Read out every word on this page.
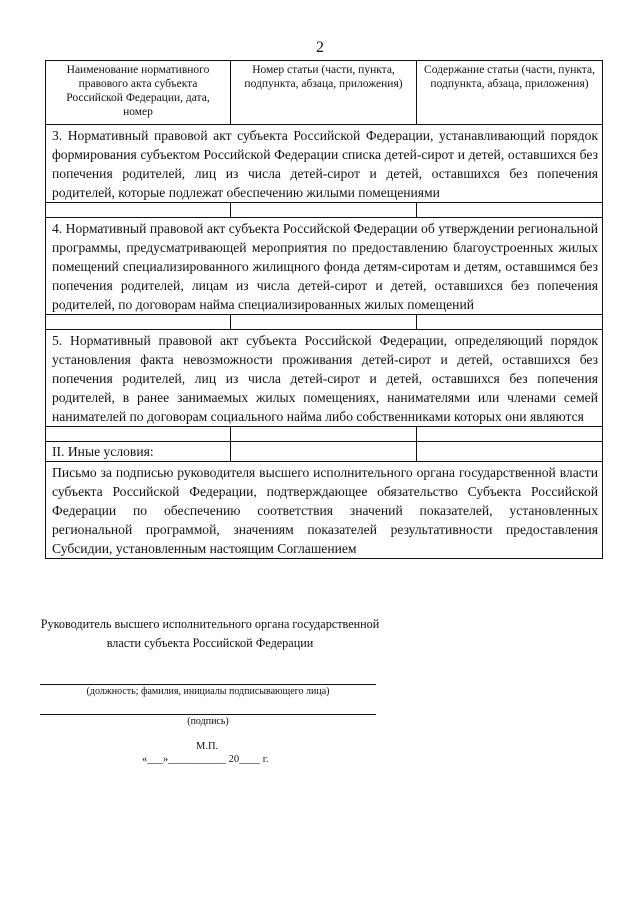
2
Наименование нормативного правового акта субъекта Российской Федерации, дата, номер	Номер статьи (части, пункта, подпункта, абзаца, приложения)	Содержание статьи (части, пункта, подпункта, абзаца, приложения)
3. Нормативный правовой акт субъекта Российской Федерации, устанавливающий порядок формирования субъектом Российской Федерации списка детей-сирот и детей, оставшихся без попечения родителей, лиц из числа детей-сирот и детей, оставшихся без попечения родителей, которые подлежат обеспечению жилыми помещениями		

4. Нормативный правовой акт субъекта Российской Федерации об утверждении региональной программы, предусматривающей мероприятия по предоставлению благоустроенных жилых помещений специализированного жилищного фонда детям-сиротам и детям, оставшимся без попечения родителей, лицам из числа детей-сирот и детей, оставшихся без попечения родителей, по договорам найма специализированных жилых помещений		

5. Нормативный правовой акт субъекта Российской Федерации, определяющий порядок установления факта невозможности проживания детей-сирот и детей, оставшихся без попечения родителей, лиц из числа детей-сирот и детей, оставшихся без попечения родителей, в ранее занимаемых жилых помещениях, нанимателями или членами семей нанимателей по договорам социального найма либо собственниками которых они являются		

II. Иные условия:		
Письмо за подписью руководителя высшего исполнительного органа государственной власти субъекта Российской Федерации, подтверждающее обязательство Субъекта Российской Федерации по обеспечению соответствия значений показателей, установленных региональной программой, значениям показателей результативности предоставления Субсидии, установленным настоящим Соглашением		
Руководитель высшего исполнительного органа государственной власти субъекта Российской Федерации
(должность; фамилия, инициалы подписывающего лица)
(подпись)
М.П.
«___»___________ 20____ г.
